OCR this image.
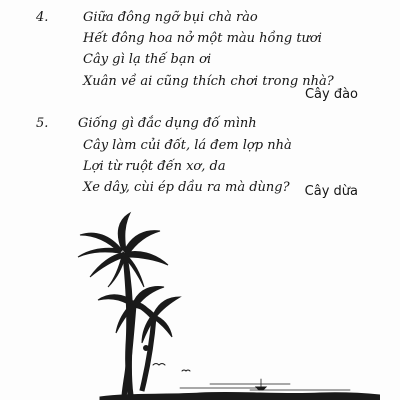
4.	Giữa đông ngỡ bụi chà rào
Hết đông hoa nở một màu hồng tươi
Cây gì lạ thế bạn ơi
Xuân về ai cũng thích chơi trong nhà?
Cây đào
5. Giống gì đắc dụng đố mình
Cây làm củi đốt, lá đem lợp nhà
Lợi từ ruột đến xơ, da
Xe dây, cùi ép dầu ra mà dùng? Cây dừa
